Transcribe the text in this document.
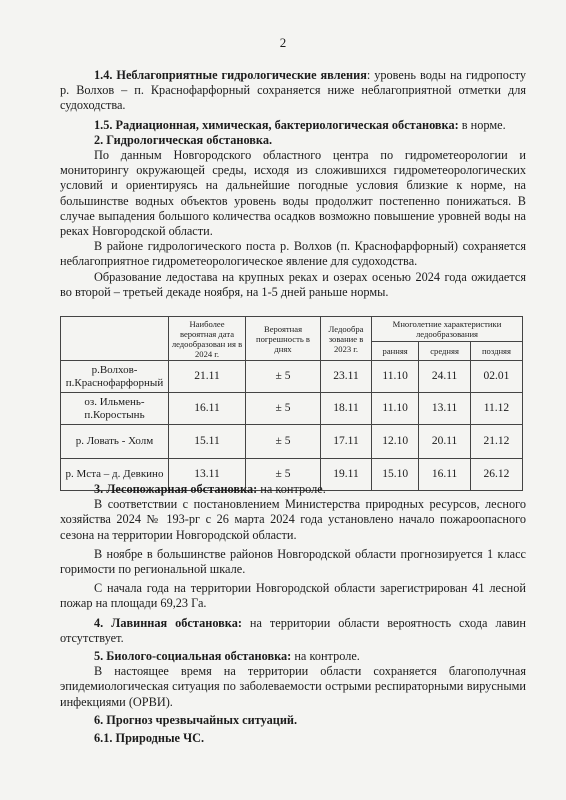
2

1.4. Неблагоприятные гидрологические явления: уровень воды на гидропосту р. Волхов – п. Краснофарфорный сохраняется ниже неблагоприятной отметки для судоходства.

1.5. Радиационная, химическая, бактериологическая обстановка: в норме.

2. Гидрологическая обстановка.

По данным Новгородского областного центра по гидрометеорологии и мониторингу окружающей среды, исходя из сложившихся гидрометеорологических условий и ориентируясь на дальнейшие погодные условия близкие к норме, на большинстве водных объектов уровень воды продолжит постепенно понижаться. В случае выпадения большого количества осадков возможно повышение уровней воды на реках Новгородской области.

В районе гидрологического поста р. Волхов (п. Краснофарфорный) сохраняется неблагоприятное гидрометеорологическое явление для судоходства.

Образование ледостава на крупных реках и озерах осенью 2024 года ожидается во второй – третьей декаде ноября, на 1-5 дней раньше нормы.

	Наиболее вероятная дата ледообразован ия в 2024 г.	Вероятная погрешность в днях	Ледообра зование в 2023 г.	Многолетние характеристики ледообразования		
				ранняя	средняя	поздняя
р.Волхов-п.Краснофарфорный	21.11	± 5	23.11	11.10	24.11	02.01
оз. Ильмень-п.Коростынь	16.11	± 5	18.11	11.10	13.11	11.12
р. Ловать - Холм	15.11	± 5	17.11	12.10	20.11	21.12
р. Мста – д. Девкино	13.11	± 5	19.11	15.10	16.11	26.12

3. Лесопожарная обстановка: на контроле.

В соответствии с постановлением Министерства природных ресурсов, лесного хозяйства 2024 № 193-рг с 26 марта 2024 года установлено начало пожароопасного сезона на территории Новгородской области.

В ноябре в большинстве районов Новгородской области прогнозируется 1 класс горимости по региональной шкале.

С начала года на территории Новгородской области зарегистрирован 41 лесной пожар на площади 69,23 Га.

4. Лавинная обстановка: на территории области вероятность схода лавин отсутствует.

5. Биолого-социальная обстановка: на контроле.

В настоящее время на территории области сохраняется благополучная эпидемиологическая ситуация по заболеваемости острыми респираторными вирусными инфекциями (ОРВИ).

6. Прогноз чрезвычайных ситуаций.

6.1. Природные ЧС.
